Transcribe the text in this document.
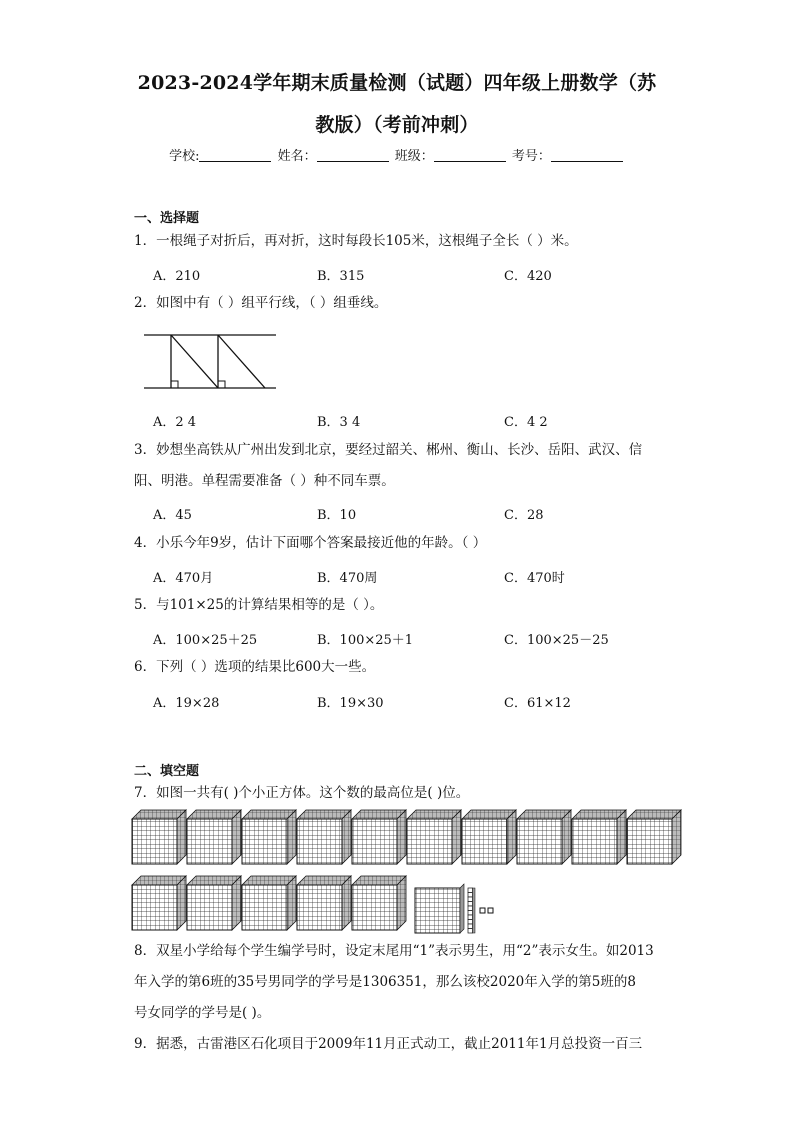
2023-2024学年期末质量检测（试题）四年级上册数学（苏
教版）（考前冲刺）
学校:	姓名：	班级：	考号：
一、选择题
1．一根绳子对折后，再对折，这时每段长105米，这根绳子全长（ ）米。
A．210	B．315	C．420
2．如图中有（ ）组平行线，（ ）组垂线。
A．2 4	B．3 4	C．4 2
3．妙想坐高铁从广州出发到北京，要经过韶关、郴州、衡山、长沙、岳阳、武汉、信
阳、明港。单程需要准备（ ）种不同车票。
A．45	B．10	C．28
4．小乐今年9岁，估计下面哪个答案最接近他的年龄。（ ）
A．470月	B．470周	C．470时
5．与101×25的计算结果相等的是（ ）。
A．100×25＋25	B．100×25＋1	C．100×25－25
6．下列（ ）选项的结果比600大一些。
A．19×28	B．19×30	C．61×12
二、填空题
7．如图一共有( )个小正方体。这个数的最高位是( )位。
8．双星小学给每个学生编学号时，设定末尾用“1”表示男生，用“2”表示女生。如2013
年入学的第6班的35号男同学的学号是1306351，那么该校2020年入学的第5班的8
号女同学的学号是( )。
9．据悉，古雷港区石化项目于2009年11月正式动工，截止2011年1月总投资一百三
